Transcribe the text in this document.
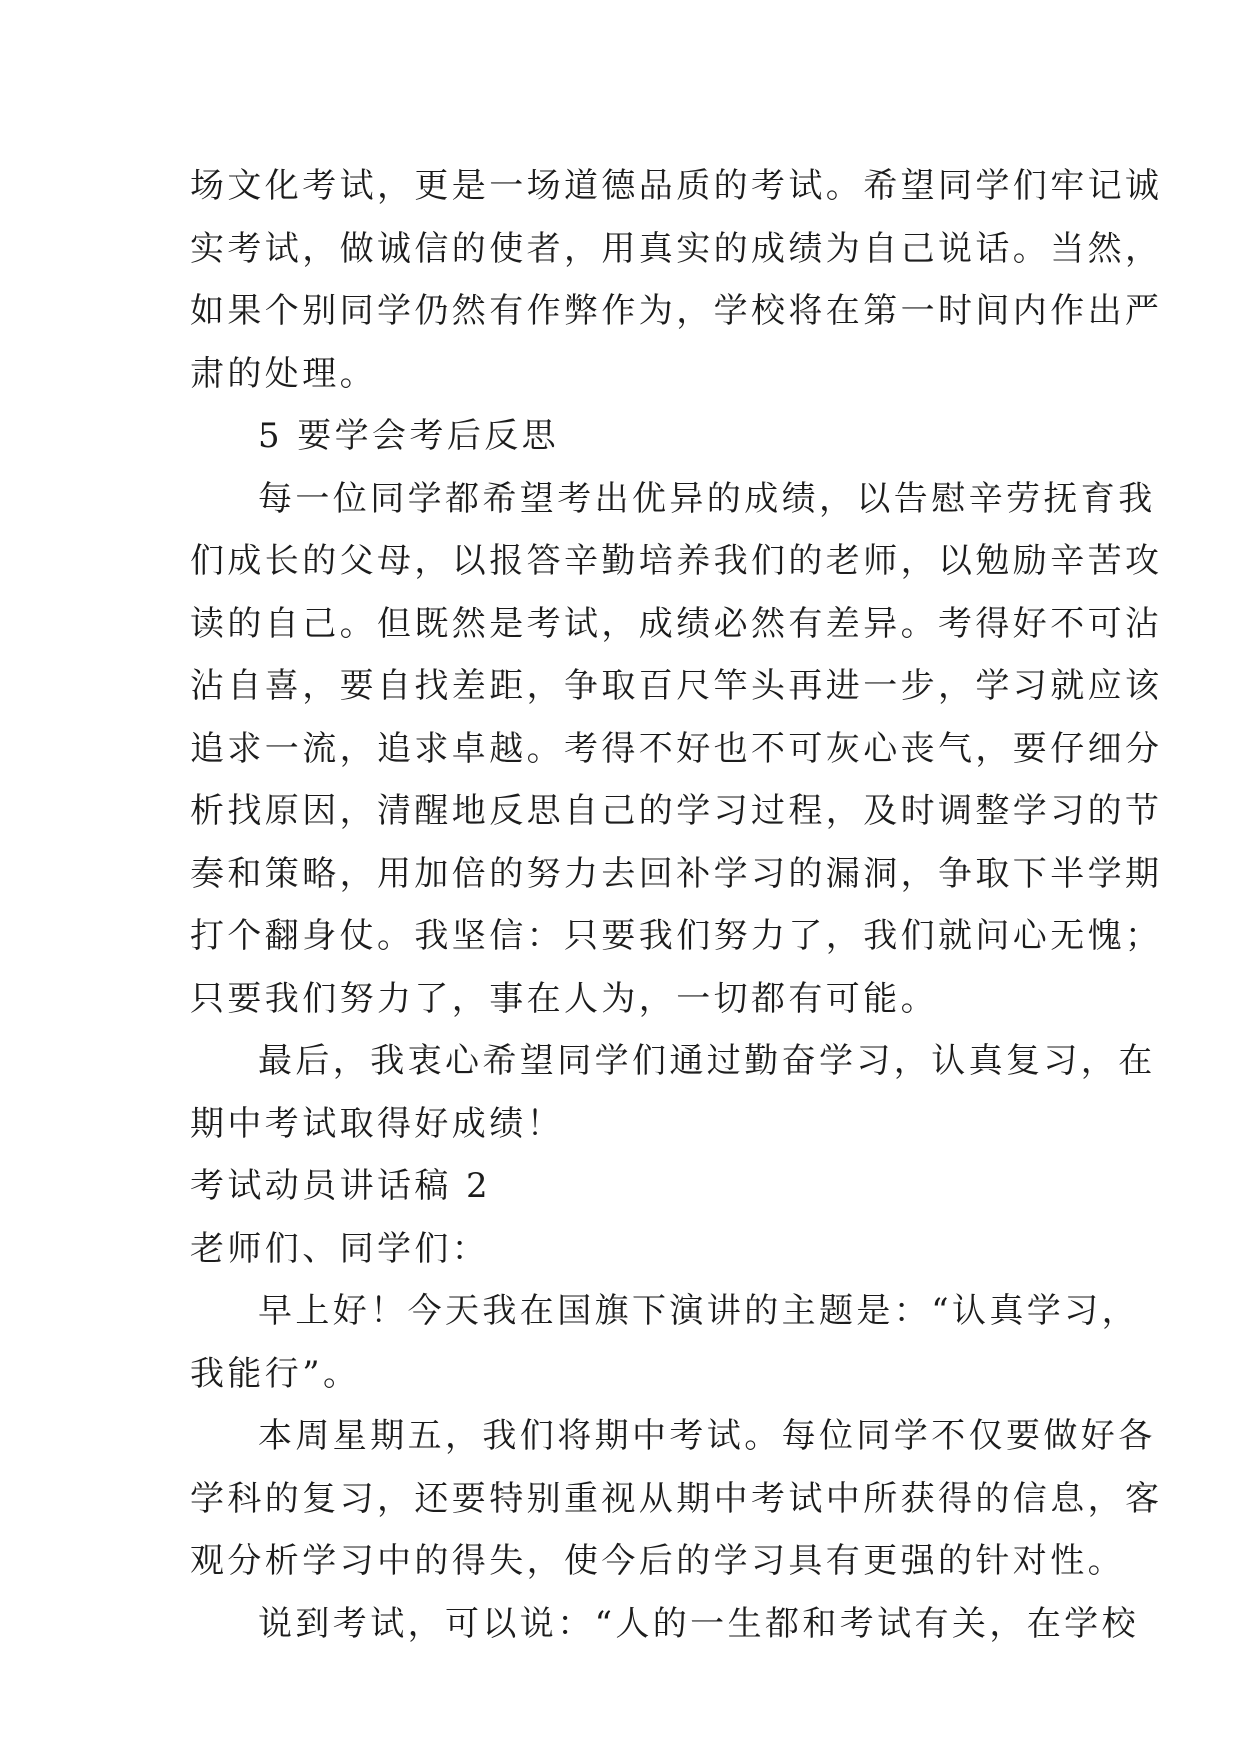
场文化考试，更是一场道德品质的考试。希望同学们牢记诚
实考试，做诚信的使者，用真实的成绩为自己说话。当然，
如果个别同学仍然有作弊作为，学校将在第一时间内作出严
肃的处理。
5 要学会考后反思
每一位同学都希望考出优异的成绩，以告慰辛劳抚育我
们成长的父母，以报答辛勤培养我们的老师，以勉励辛苦攻
读的自己。但既然是考试，成绩必然有差异。考得好不可沾
沾自喜，要自找差距，争取百尺竿头再进一步，学习就应该
追求一流，追求卓越。考得不好也不可灰心丧气，要仔细分
析找原因，清醒地反思自己的学习过程，及时调整学习的节
奏和策略，用加倍的努力去回补学习的漏洞，争取下半学期
打个翻身仗。我坚信：只要我们努力了，我们就问心无愧；
只要我们努力了，事在人为，一切都有可能。
最后，我衷心希望同学们通过勤奋学习，认真复习，在
期中考试取得好成绩！
考试动员讲话稿 2
老师们、同学们：
早上好！今天我在国旗下演讲的主题是：“认真学习，
我能行”。
本周星期五，我们将期中考试。每位同学不仅要做好各
学科的复习，还要特别重视从期中考试中所获得的信息，客
观分析学习中的得失，使今后的学习具有更强的针对性。
说到考试，可以说：“人的一生都和考试有关，在学校
